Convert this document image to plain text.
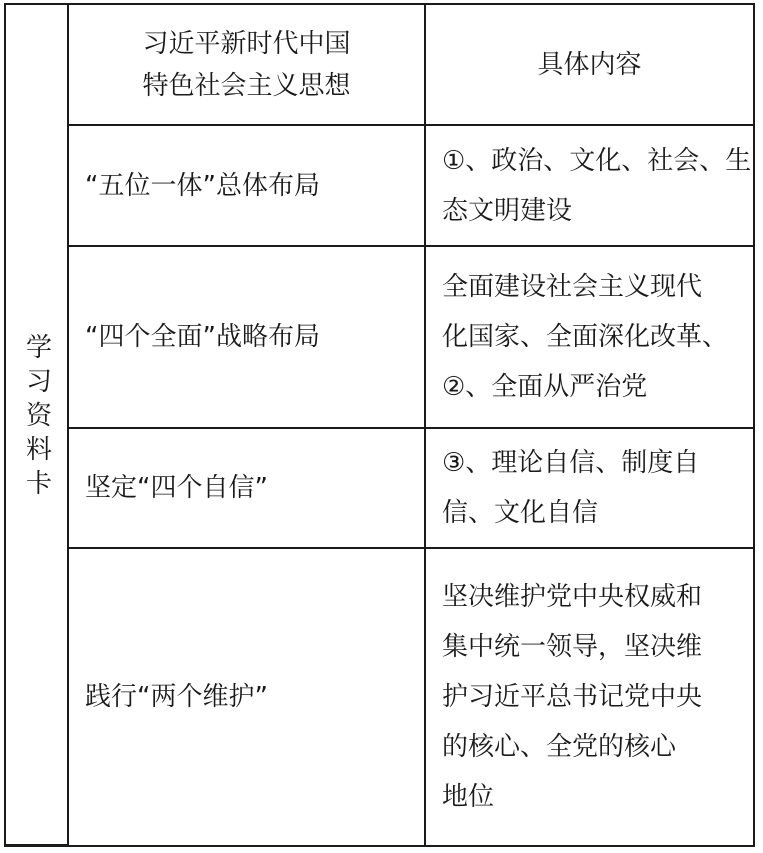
学习资料卡	习近平新时代中国
特色社会主义思想	具体内容
	“五位一体”总体布局	①、政治、文化、社会、生
态文明建设

	“四个全面”战略布局	全面建设社会主义现代
化国家、全面深化改革、
②、全面从严治党

	坚定“四个自信”	③、理论自信、制度自
信、文化自信

	践行“两个维护”	坚决维护党中央权威和
集中统一领导，坚决维
护习近平总书记党中央
的核心、全党的核心
地位
